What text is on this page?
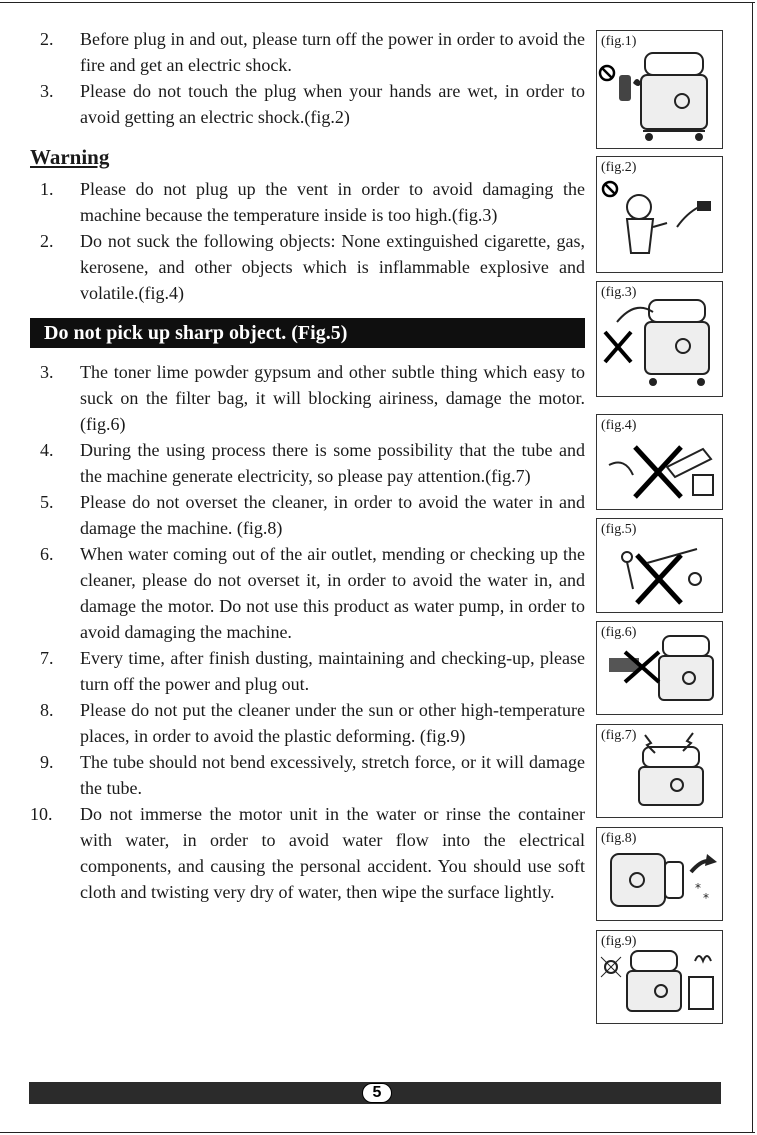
2.	Before plug in and out, please turn off the power in order to avoid the fire and get an electric shock.

3.	Please do not touch the plug when your hands are wet, in order to avoid getting an electric shock.(fig.2)

Warning
1.	Please do not plug up the vent in order to avoid damaging the machine because the temperature inside is too high.(fig.3)

2.	Do not suck the following objects: None extinguished cigarette, gas, kerosene, and other objects which is inflammable explosive and volatile.(fig.4)

Do not pick up sharp object. (Fig.5)
3.	The toner lime powder gypsum and other subtle thing which easy to suck on the filter bag, it will blocking airiness, damage the motor.(fig.6)

4.	During the using process there is some possibility that the tube and the machine generate electricity, so please pay attention.(fig.7)

5.	Please do not overset the cleaner, in order to avoid the water in and damage the machine. (fig.8)

6.	When water coming out of the air outlet, mending or checking up the cleaner, please do not overset it, in order to avoid the water in, and damage the motor. Do not use this product as water pump, in order to avoid damaging the machine.

7.	Every time, after finish dusting, maintaining and checking-up, please turn off the power and plug out.

8.	Please do not put the cleaner under the sun or other high-temperature places, in order to avoid the plastic deforming. (fig.9)

9.	The tube should not bend excessively, stretch force, or it will damage the tube.

10.	Do not immerse the motor unit in the water or rinse the container with water, in order to avoid water flow into the electrical components, and causing the personal accident. You should use soft cloth and twisting very dry of water, then wipe the surface lightly.

(fig.1)
(fig.2)
(fig.3)
(fig.4)
(fig.5)
(fig.6)
(fig.7)
*
*
(fig.8)
(fig.9)
5
